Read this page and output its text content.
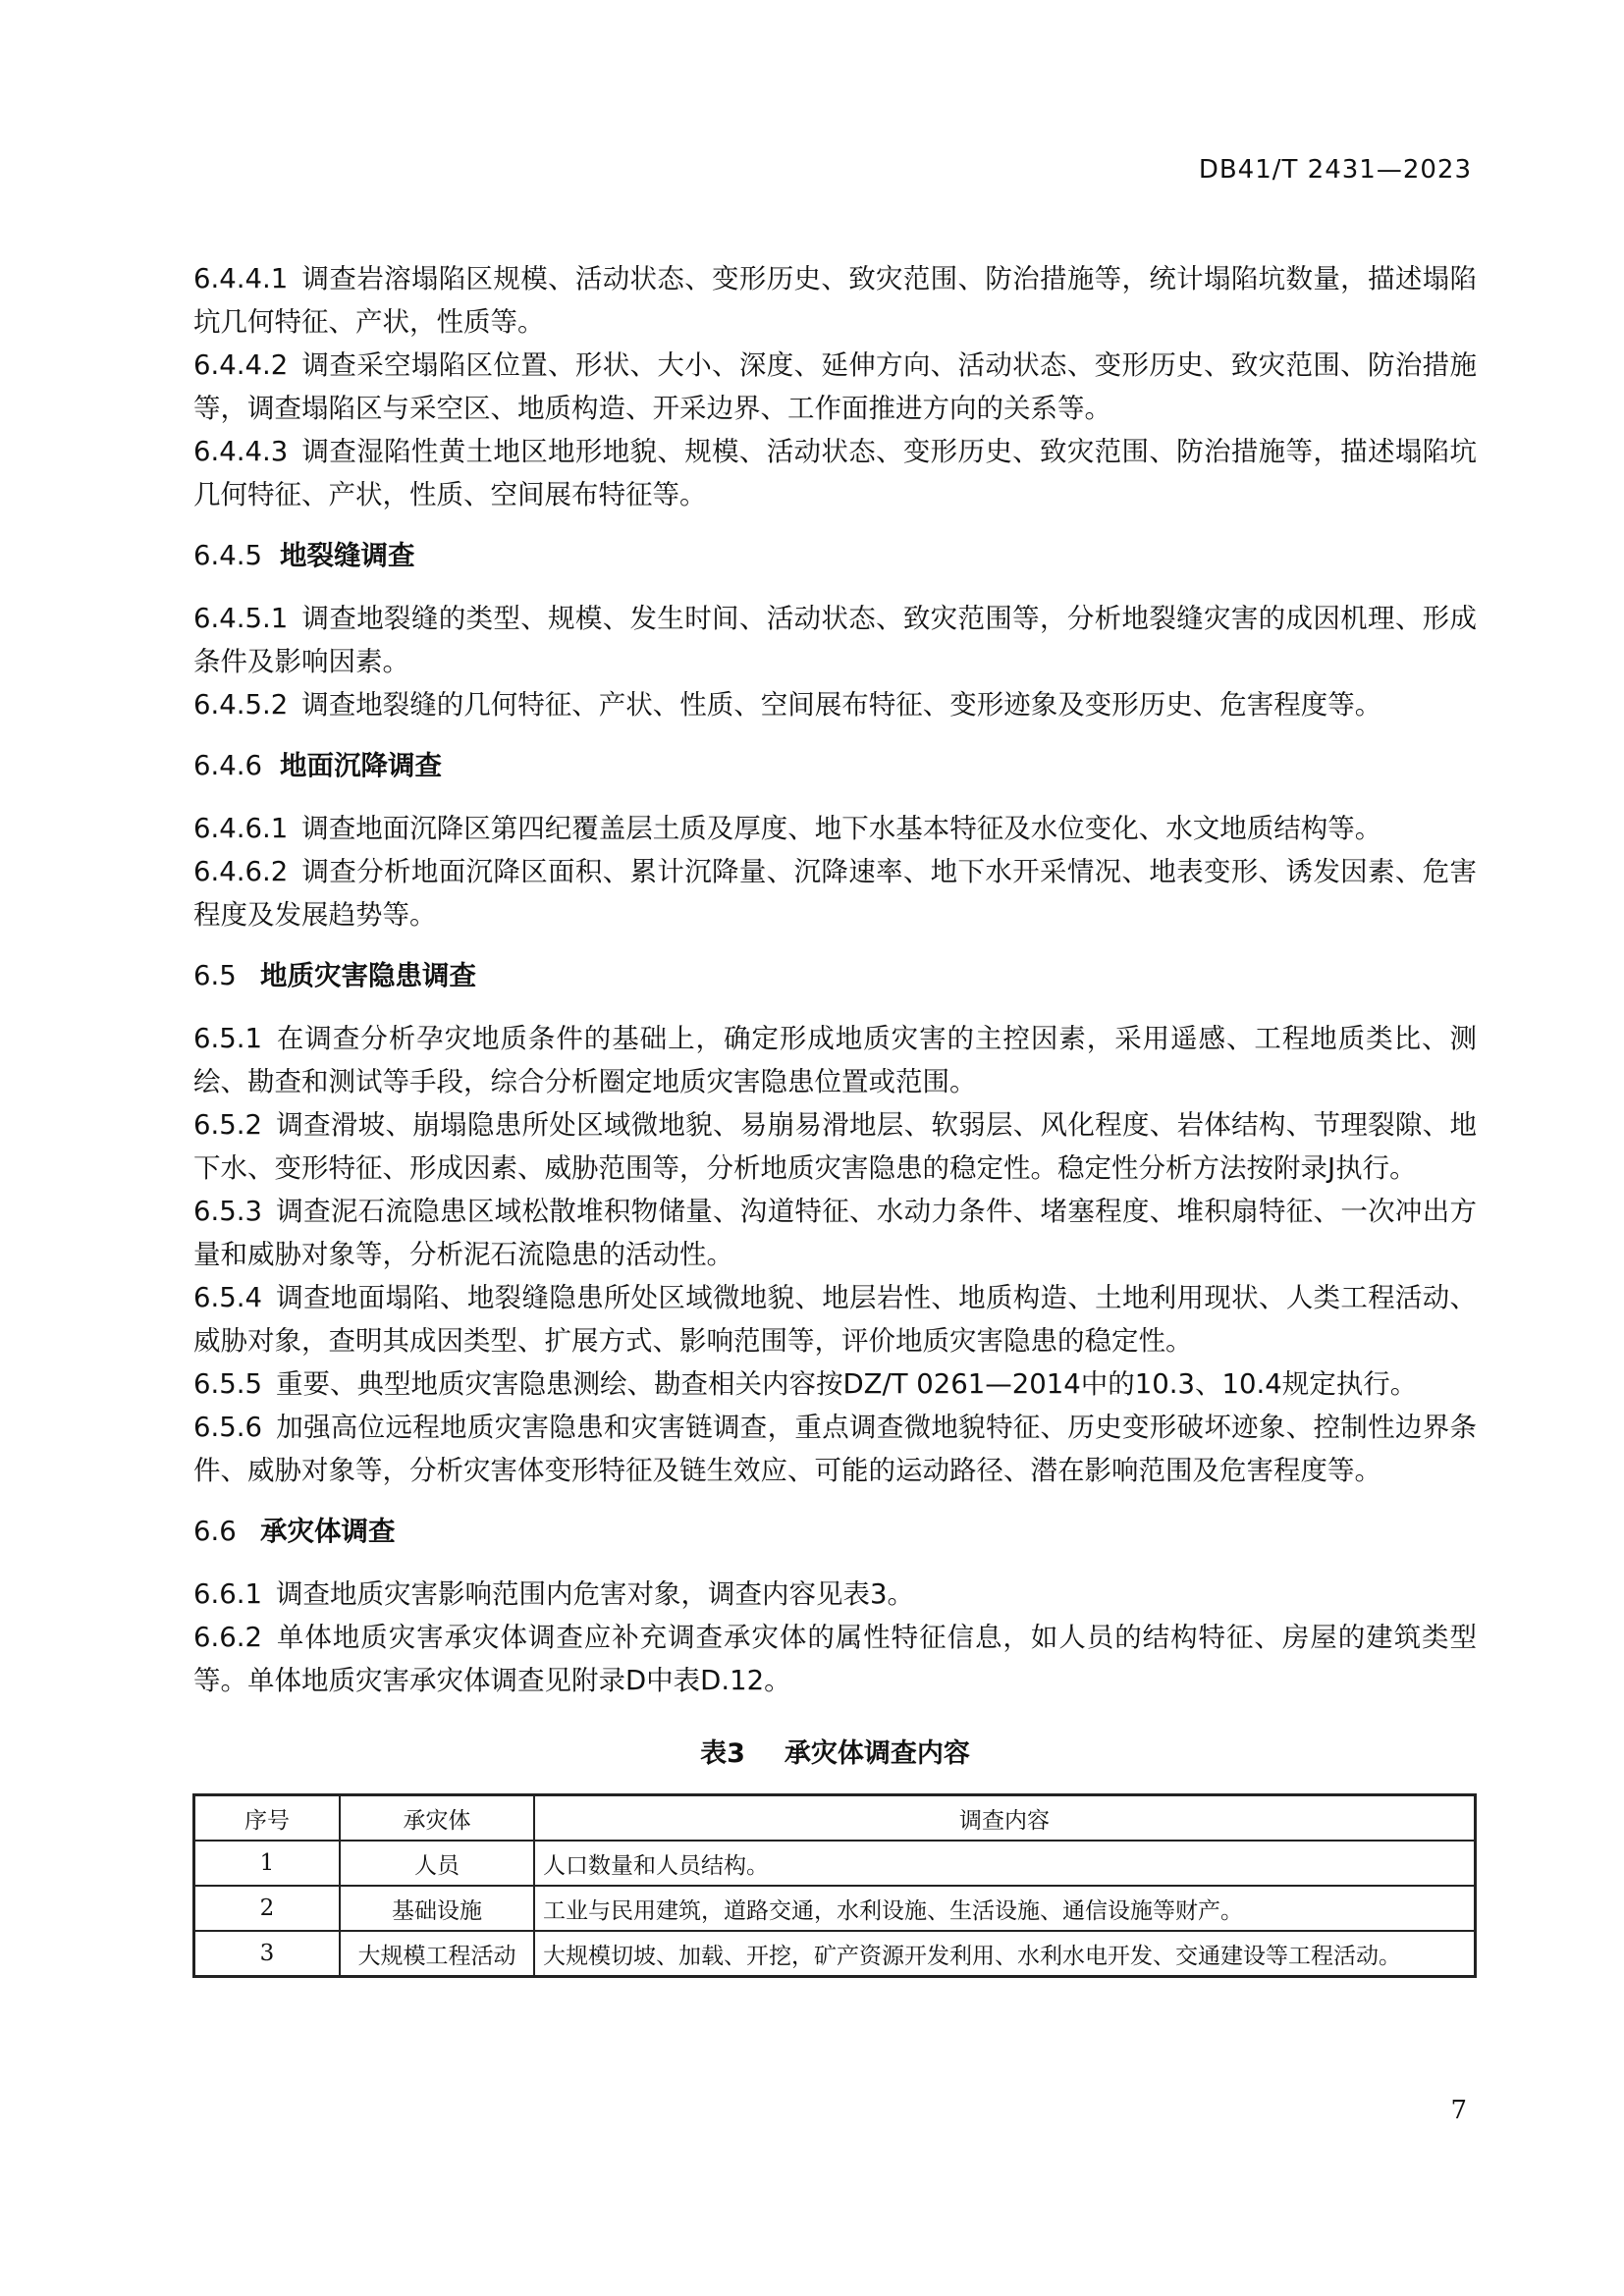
DB41/T 2431—2023
6.4.4.1 调查岩溶塌陷区规模、活动状态、变形历史、致灾范围、防治措施等，统计塌陷坑数量，描述塌陷坑几何特征、产状，性质等。
6.4.4.2 调查采空塌陷区位置、形状、大小、深度、延伸方向、活动状态、变形历史、致灾范围、防治措施等，调查塌陷区与采空区、地质构造、开采边界、工作面推进方向的关系等。
6.4.4.3 调查湿陷性黄土地区地形地貌、规模、活动状态、变形历史、致灾范围、防治措施等，描述塌陷坑几何特征、产状，性质、空间展布特征等。
6.4.5 地裂缝调查
6.4.5.1 调查地裂缝的类型、规模、发生时间、活动状态、致灾范围等，分析地裂缝灾害的成因机理、形成条件及影响因素。
6.4.5.2 调查地裂缝的几何特征、产状、性质、空间展布特征、变形迹象及变形历史、危害程度等。
6.4.6 地面沉降调查
6.4.6.1 调查地面沉降区第四纪覆盖层土质及厚度、地下水基本特征及水位变化、水文地质结构等。
6.4.6.2 调查分析地面沉降区面积、累计沉降量、沉降速率、地下水开采情况、地表变形、诱发因素、危害程度及发展趋势等。
6.5 地质灾害隐患调查
6.5.1 在调查分析孕灾地质条件的基础上，确定形成地质灾害的主控因素，采用遥感、工程地质类比、测绘、勘查和测试等手段，综合分析圈定地质灾害隐患位置或范围。
6.5.2 调查滑坡、崩塌隐患所处区域微地貌、易崩易滑地层、软弱层、风化程度、岩体结构、节理裂隙、地下水、变形特征、形成因素、威胁范围等，分析地质灾害隐患的稳定性。稳定性分析方法按附录J执行。
6.5.3 调查泥石流隐患区域松散堆积物储量、沟道特征、水动力条件、堵塞程度、堆积扇特征、一次冲出方量和威胁对象等，分析泥石流隐患的活动性。
6.5.4 调查地面塌陷、地裂缝隐患所处区域微地貌、地层岩性、地质构造、土地利用现状、人类工程活动、威胁对象，查明其成因类型、扩展方式、影响范围等，评价地质灾害隐患的稳定性。
6.5.5 重要、典型地质灾害隐患测绘、勘查相关内容按DZ/T 0261—2014中的10.3、10.4规定执行。
6.5.6 加强高位远程地质灾害隐患和灾害链调查，重点调查微地貌特征、历史变形破坏迹象、控制性边界条件、威胁对象等，分析灾害体变形特征及链生效应、可能的运动路径、潜在影响范围及危害程度等。
6.6 承灾体调查
6.6.1 调查地质灾害影响范围内危害对象，调查内容见表3。
6.6.2 单体地质灾害承灾体调查应补充调查承灾体的属性特征信息，如人员的结构特征、房屋的建筑类型等。单体地质灾害承灾体调查见附录D中表D.12。
表3 承灾体调查内容
序号	承灾体	调查内容
1	人员	人口数量和人员结构。
2	基础设施	工业与民用建筑，道路交通，水利设施、生活设施、通信设施等财产。
3	大规模工程活动	大规模切坡、加载、开挖，矿产资源开发利用、水利水电开发、交通建设等工程活动。
7
